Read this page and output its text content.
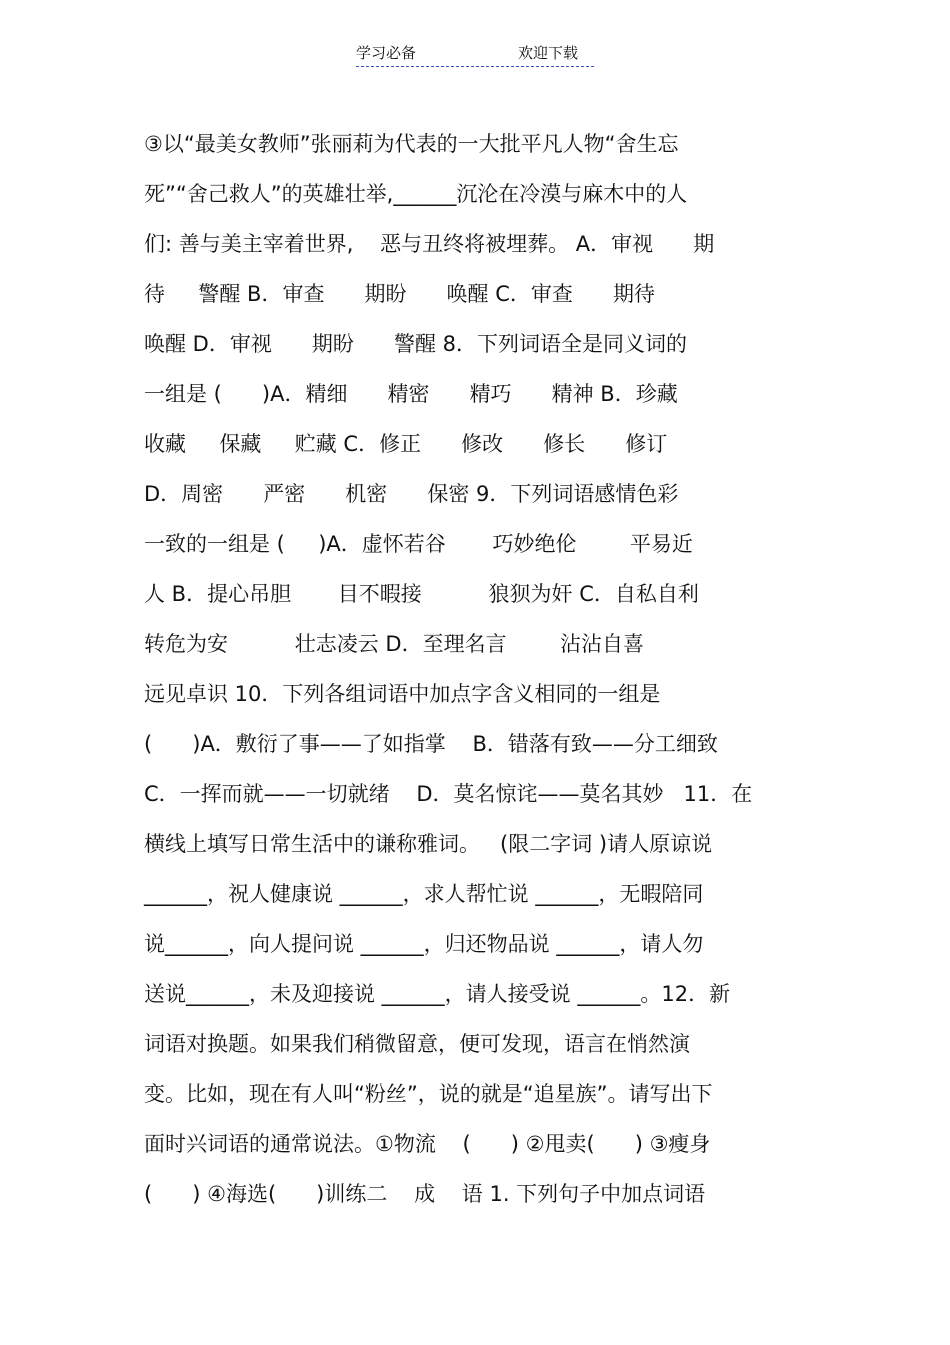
学习必备	欢迎下载
③以“最美女教师”张丽莉为代表的一大批平凡人物“舍生忘
死”“舍己救人”的英雄壮举,______沉沦在冷漠与麻木中的人
们: 善与美主宰着世界,    恶与丑终将被埋葬。 A．审视      期
待     警醒 B．审查      期盼      唤醒 C．审查      期待
唤醒 D．审视      期盼      警醒 8．下列词语全是同义词的
一组是 (      )A．精细      精密      精巧      精神 B．珍藏
收藏     保藏     贮藏 C．修正      修改      修长      修订
D．周密      严密      机密      保密 9．下列词语感情色彩
一致的一组是 (     )A．虚怀若谷       巧妙绝伦        平易近
人 B．提心吊胆       目不暇接          狼狈为奸 C．自私自利
转危为安          壮志凌云 D．至理名言        沾沾自喜
远见卓识 10．下列各组词语中加点字含义相同的一组是
(      )A．敷衍了事——了如指掌    B．错落有致——分工细致
C．一挥而就——一切就绪    D．莫名惊诧——莫名其妙   11．在
横线上填写日常生活中的谦称雅词。   (限二字词 )请人原谅说
______，祝人健康说 ______，求人帮忙说 ______，无暇陪同
说______，向人提问说 ______，归还物品说 ______，请人勿
送说______，未及迎接说 ______，请人接受说 ______。12．新
词语对换题。如果我们稍微留意，便可发现，语言在悄然演
变。比如，现在有人叫“粉丝”，说的就是“追星族”。请写出下
面时兴词语的通常说法。①物流    (      ) ②甩卖(      ) ③瘦身
(      ) ④海选(      )训练二    成    语 1. 下列句子中加点词语
